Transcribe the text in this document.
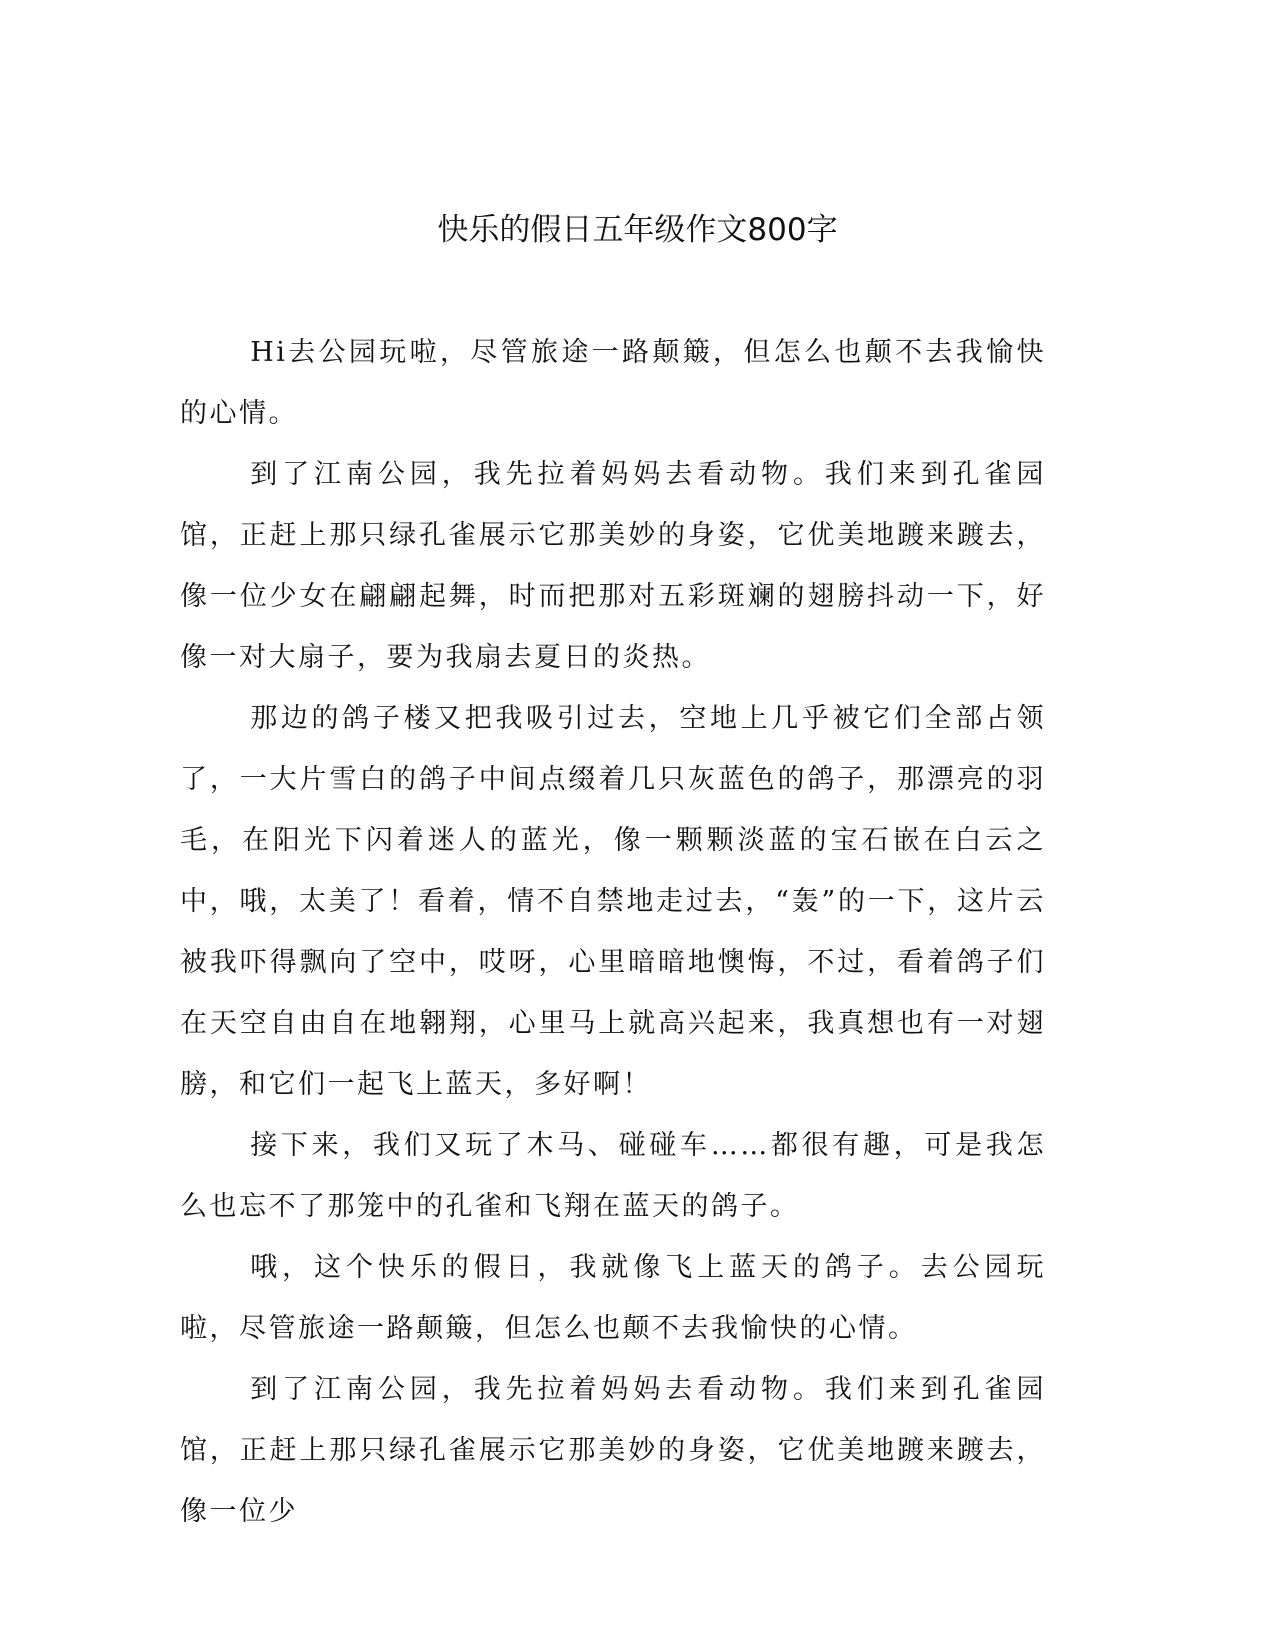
快乐的假日五年级作文800字

Hi去公园玩啦，尽管旅途一路颠簸，但怎么也颠不去我愉快的心情。

到了江南公园，我先拉着妈妈去看动物。我们来到孔雀园馆，正赶上那只绿孔雀展示它那美妙的身姿，它优美地踱来踱去，像一位少女在翩翩起舞，时而把那对五彩斑斓的翅膀抖动一下，好像一对大扇子，要为我扇去夏日的炎热。

那边的鸽子楼又把我吸引过去，空地上几乎被它们全部占领了，一大片雪白的鸽子中间点缀着几只灰蓝色的鸽子，那漂亮的羽毛，在阳光下闪着迷人的蓝光，像一颗颗淡蓝的宝石嵌在白云之中，哦，太美了！看着，情不自禁地走过去，“轰”的一下，这片云被我吓得飘向了空中，哎呀，心里暗暗地懊悔，不过，看着鸽子们在天空自由自在地翱翔，心里马上就高兴起来，我真想也有一对翅膀，和它们一起飞上蓝天，多好啊！

接下来，我们又玩了木马、碰碰车……都很有趣，可是我怎么也忘不了那笼中的孔雀和飞翔在蓝天的鸽子。

哦，这个快乐的假日，我就像飞上蓝天的鸽子。去公园玩啦，尽管旅途一路颠簸，但怎么也颠不去我愉快的心情。

到了江南公园，我先拉着妈妈去看动物。我们来到孔雀园馆，正赶上那只绿孔雀展示它那美妙的身姿，它优美地踱来踱去，像一位少
